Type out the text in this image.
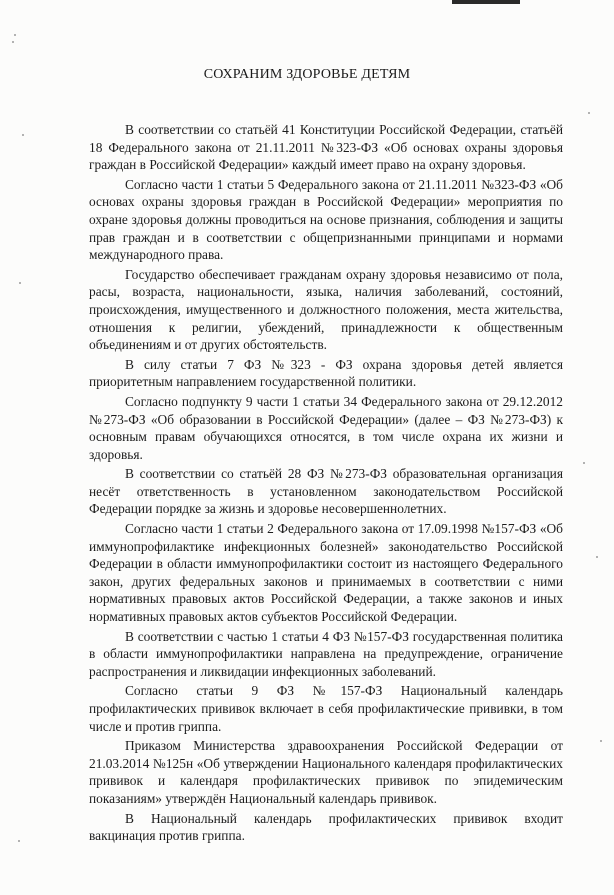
СОХРАНИМ ЗДОРОВЬЕ ДЕТЯМ

В соответствии со статьёй 41 Конституции Российской Федерации, статьёй 18 Федерального закона от 21.11.2011 №323-ФЗ «Об основах охраны здоровья граждан в Российской Федерации» каждый имеет право на охрану здоровья.

Согласно части 1 статьи 5 Федерального закона от 21.11.2011 №323-ФЗ «Об основах охраны здоровья граждан в Российской Федерации» мероприятия по охране здоровья должны проводиться на основе признания, соблюдения и защиты прав граждан и в соответствии с общепризнанными принципами и нормами международного права.

Государство обеспечивает гражданам охрану здоровья независимо от пола, расы, возраста, национальности, языка, наличия заболеваний, состояний, происхождения, имущественного и должностного положения, места жительства, отношения к религии, убеждений, принадлежности к общественным объединениям и от других обстоятельств.

В силу статьи 7 ФЗ №323 - ФЗ охрана здоровья детей является приоритетным направлением государственной политики.

Согласно подпункту 9 части 1 статьи 34 Федерального закона от 29.12.2012 №273-ФЗ «Об образовании в Российской Федерации» (далее – ФЗ №273-ФЗ) к основным правам обучающихся относятся, в том числе охрана их жизни и здоровья.

В соответствии со статьёй 28 ФЗ №273-ФЗ образовательная организация несёт ответственность в установленном законодательством Российской Федерации порядке за жизнь и здоровье несовершеннолетних.

Согласно части 1 статьи 2 Федерального закона от 17.09.1998 №157-ФЗ «Об иммунопрофилактике инфекционных болезней» законодательство Российской Федерации в области иммунопрофилактики состоит из настоящего Федерального закон, других федеральных законов и принимаемых в соответствии с ними нормативных правовых актов Российской Федерации, а также законов и иных нормативных правовых актов субъектов Российской Федерации.

В соответствии с частью 1 статьи 4 ФЗ №157-ФЗ государственная политика в области иммунопрофилактики направлена на предупреждение, ограничение распространения и ликвидации инфекционных заболеваний.

Согласно статьи 9 ФЗ №157-ФЗ Национальный календарь профилактических прививок включает в себя профилактические прививки, в том числе и против гриппа.

Приказом Министерства здравоохранения Российской Федерации от 21.03.2014 №125н «Об утверждении Национального календаря профилактических прививок и календаря профилактических прививок по эпидемическим показаниям» утверждён Национальный календарь прививок.

В Национальный календарь профилактических прививок входит вакцинация против гриппа.
